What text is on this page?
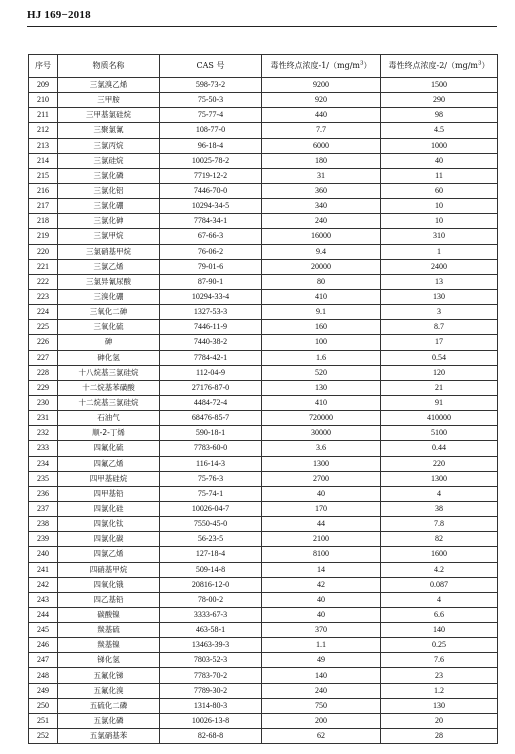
HJ 169−2018
序号	物质名称	CAS 号	毒性终点浓度$-1/(mg/m^3)$	毒性终点浓度$-2/(mg/m^3)$
209	三氯溴乙烯	598-73-2	9200	1500
210	三甲胺	75-50-3	920	290
211	三甲基氯硅烷	75-77-4	440	98
212	三聚氯氰	108-77-0	7.7	4.5
213	三氯丙烷	96-18-4	6000	1000
214	三氯硅烷	10025-78-2	180	40
215	三氯化磷	7719-12-2	31	11
216	三氯化铝	7446-70-0	360	60
217	三氯化硼	10294-34-5	340	10
218	三氯化砷	7784-34-1	240	10
219	三氯甲烷	67-66-3	16000	310
220	三氯硝基甲烷	76-06-2	9.4	1
221	三氯乙烯	79-01-6	20000	2400
222	三氯异氰尿酸	87-90-1	80	13
223	三溴化硼	10294-33-4	410	130
224	三氧化二砷	1327-53-3	9.1	3
225	三氧化硫	7446-11-9	160	8.7
226	砷	7440-38-2	100	17
227	砷化氢	7784-42-1	1.6	0.54
228	十八烷基三氯硅烷	112-04-9	520	120
229	十二烷基苯磺酸	27176-87-0	130	21
230	十二烷基三氯硅烷	4484-72-4	410	91
231	石油气	68476-85-7	720000	410000
232	顺-2-丁烯	590-18-1	30000	5100
233	四氟化硫	7783-60-0	3.6	0.44
234	四氟乙烯	116-14-3	1300	220
235	四甲基硅烷	75-76-3	2700	1300
236	四甲基铅	75-74-1	40	4
237	四氯化硅	10026-04-7	170	38
238	四氯化钛	7550-45-0	44	7.8
239	四氯化碳	56-23-5	2100	82
240	四氯乙烯	127-18-4	8100	1600
241	四硝基甲烷	509-14-8	14	4.2
242	四氧化锇	20816-12-0	42	0.087
243	四乙基铅	78-00-2	40	4
244	碳酸镍	3333-67-3	40	6.6
245	羰基硫	463-58-1	370	140
246	羰基镍	13463-39-3	1.1	0.25
247	锑化氢	7803-52-3	49	7.6
248	五氟化锑	7783-70-2	140	23
249	五氟化溴	7789-30-2	240	1.2
250	五硫化二磷	1314-80-3	750	130
251	五氯化磷	10026-13-8	200	20
252	五氯硝基苯	82-68-8	62	28
